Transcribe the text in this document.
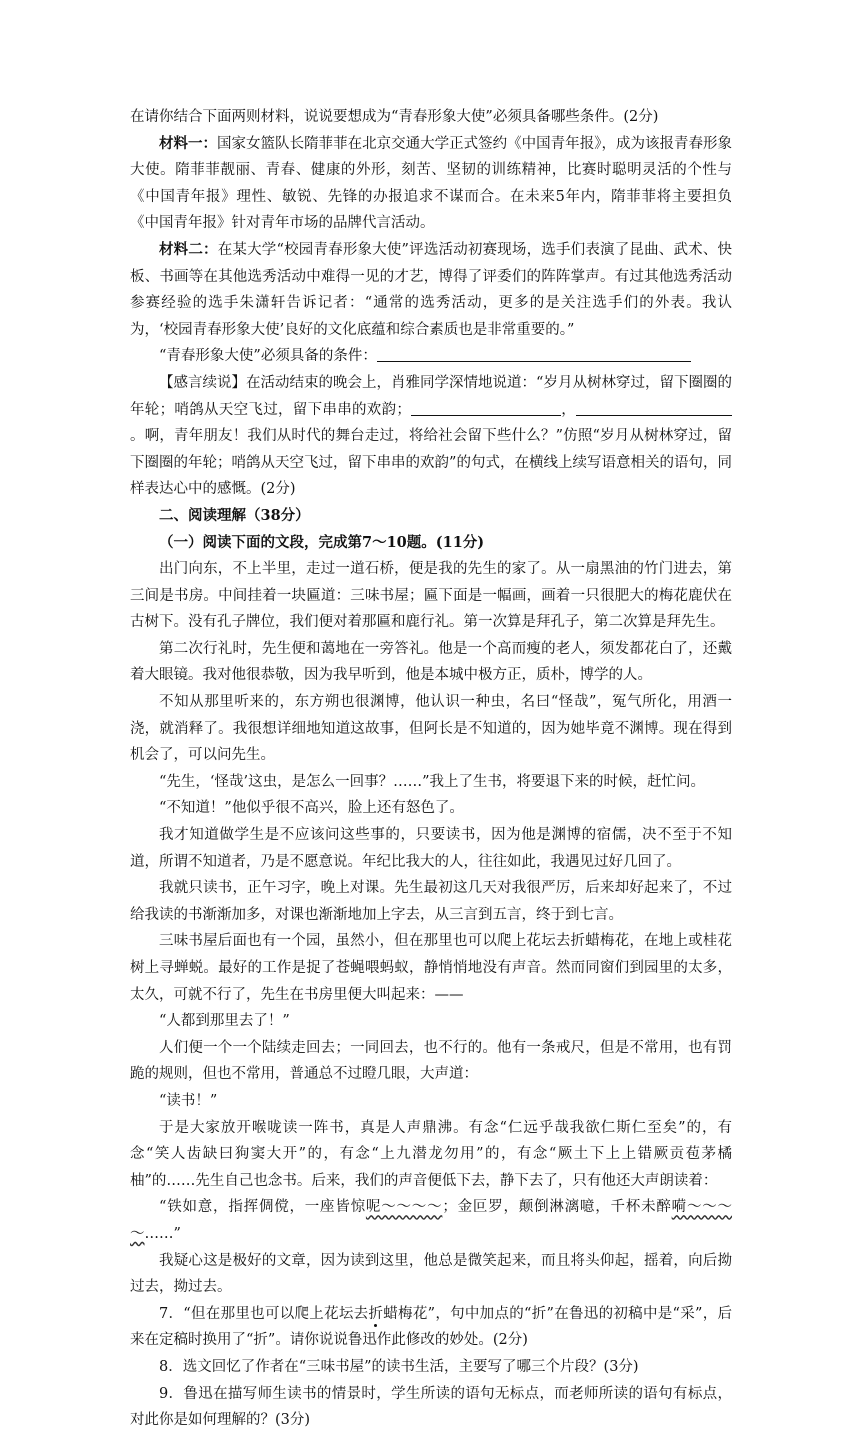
在请你结合下面两则材料，说说要想成为“青春形象大使”必须具备哪些条件。(2分)

材料一：国家女篮队长隋菲菲在北京交通大学正式签约《中国青年报》，成为该报青春形象大使。隋菲菲靓丽、青春、健康的外形，刻苦、坚韧的训练精神，比赛时聪明灵活的个性与《中国青年报》理性、敏锐、先锋的办报追求不谋而合。在未来5年内，隋菲菲将主要担负《中国青年报》针对青年市场的品牌代言活动。

材料二：在某大学“校园青春形象大使”评选活动初赛现场，选手们表演了昆曲、武术、快板、书画等在其他选秀活动中难得一见的才艺，博得了评委们的阵阵掌声。有过其他选秀活动参赛经验的选手朱潇轩告诉记者：“通常的选秀活动，更多的是关注选手们的外表。我认为，‘校园青春形象大使’良好的文化底蕴和综合素质也是非常重要的。”

“青春形象大使”必须具备的条件：

【感言续说】在活动结束的晚会上，肖雅同学深情地说道：“岁月从树林穿过，留下圈圈的年轮；哨鸽从天空飞过，留下串串的欢韵；	，。啊，青年朋友！我们从时代的舞台走过，将给社会留下些什么？”仿照“岁月从树林穿过，留下圈圈的年轮；哨鸽从天空飞过，留下串串的欢韵”的句式，在横线上续写语意相关的语句，同样表达心中的感慨。(2分)

二、阅读理解（38分）

（一）阅读下面的文段，完成第7～10题。(11分)

出门向东，不上半里，走过一道石桥，便是我的先生的家了。从一扇黑油的竹门进去，第三间是书房。中间挂着一块匾道：三味书屋；匾下面是一幅画，画着一只很肥大的梅花鹿伏在古树下。没有孔子牌位，我们便对着那匾和鹿行礼。第一次算是拜孔子，第二次算是拜先生。

第二次行礼时，先生便和蔼地在一旁答礼。他是一个高而瘦的老人，须发都花白了，还戴着大眼镜。我对他很恭敬，因为我早听到，他是本城中极方正，质朴，博学的人。

不知从那里听来的，东方朔也很渊博，他认识一种虫，名曰“怪哉”，冤气所化，用酒一浇，就消释了。我很想详细地知道这故事，但阿长是不知道的，因为她毕竟不渊博。现在得到机会了，可以问先生。

“先生，‘怪哉’这虫，是怎么一回事？……”我上了生书，将要退下来的时候，赶忙问。

“不知道！”他似乎很不高兴，脸上还有怒色了。

我才知道做学生是不应该问这些事的，只要读书，因为他是渊博的宿儒，决不至于不知道，所谓不知道者，乃是不愿意说。年纪比我大的人，往往如此，我遇见过好几回了。

我就只读书，正午习字，晚上对课。先生最初这几天对我很严厉，后来却好起来了，不过给我读的书渐渐加多，对课也渐渐地加上字去，从三言到五言，终于到七言。

三味书屋后面也有一个园，虽然小，但在那里也可以爬上花坛去折蜡梅花，在地上或桂花树上寻蝉蜕。最好的工作是捉了苍蝇喂蚂蚁，静悄悄地没有声音。然而同窗们到园里的太多，太久，可就不行了，先生在书房里便大叫起来：——

“人都到那里去了！”

人们便一个一个陆续走回去；一同回去，也不行的。他有一条戒尺，但是不常用，也有罚跪的规则，但也不常用，普通总不过瞪几眼，大声道：

“读书！”

于是大家放开喉咙读一阵书，真是人声鼎沸。有念“仁远乎哉我欲仁斯仁至矣”的，有念“笑人齿缺曰狗窦大开”的，有念“上九潜龙勿用”的，有念“厥土下上上错厥贡苞茅橘柚”的……先生自己也念书。后来，我们的声音便低下去，静下去了，只有他还大声朗读着：

“铁如意，指挥倜傥，一座皆惊呢～～～～；金叵罗，颠倒淋漓噫，千杯未醉嗬～～～～……”

我疑心这是极好的文章，因为读到这里，他总是微笑起来，而且将头仰起，摇着，向后拗过去，拗过去。

7．“但在那里也可以爬上花坛去折蜡梅花”，句中加点的“折”在鲁迅的初稿中是“采”，后来在定稿时换用了“折”。请你说说鲁迅作此修改的妙处。(2分)

8．选文回忆了作者在“三味书屋”的读书生活，主要写了哪三个片段？(3分)

9．鲁迅在描写师生读书的情景时，学生所读的语句无标点，而老师所读的语句有标点，对此你是如何理解的？(3分)
